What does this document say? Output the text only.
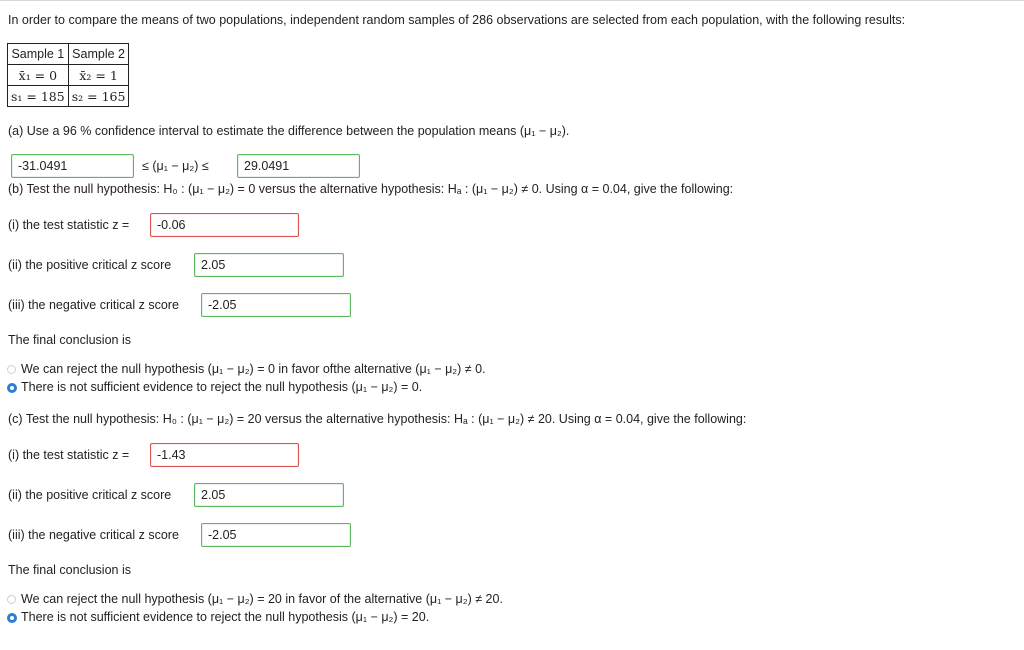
In order to compare the means of two populations, independent random samples of 286 observations are selected from each population, with the following results:
Sample 1	Sample 2
x̄₁ = 0	x̄₂ = 1
s₁ = 185	s₂ = 165
(a) Use a 96 % confidence interval to estimate the difference between the population means (μ₁ − μ₂).
-31.0491	≤ (μ₁ − μ₂) ≤	29.0491
(b) Test the null hypothesis: H₀ : (μ₁ − μ₂) = 0 versus the alternative hypothesis: Hₐ : (μ₁ − μ₂) ≠ 0. Using α = 0.04, give the following:
(i) the test statistic z =	-0.06
(ii) the positive critical z score	2.05
(iii) the negative critical z score	-2.05
The final conclusion is
We can reject the null hypothesis (μ₁ − μ₂) = 0 in favor ofthe alternative (μ₁ − μ₂) ≠ 0.
There is not sufficient evidence to reject the null hypothesis (μ₁ − μ₂) = 0.
(c) Test the null hypothesis: H₀ : (μ₁ − μ₂) = 20 versus the alternative hypothesis: Hₐ : (μ₁ − μ₂) ≠ 20. Using α = 0.04, give the following:
(i) the test statistic z =	-1.43
(ii) the positive critical z score	2.05
(iii) the negative critical z score	-2.05
The final conclusion is
We can reject the null hypothesis (μ₁ − μ₂) = 20 in favor of the alternative (μ₁ − μ₂) ≠ 20.
There is not sufficient evidence to reject the null hypothesis (μ₁ − μ₂) = 20.
